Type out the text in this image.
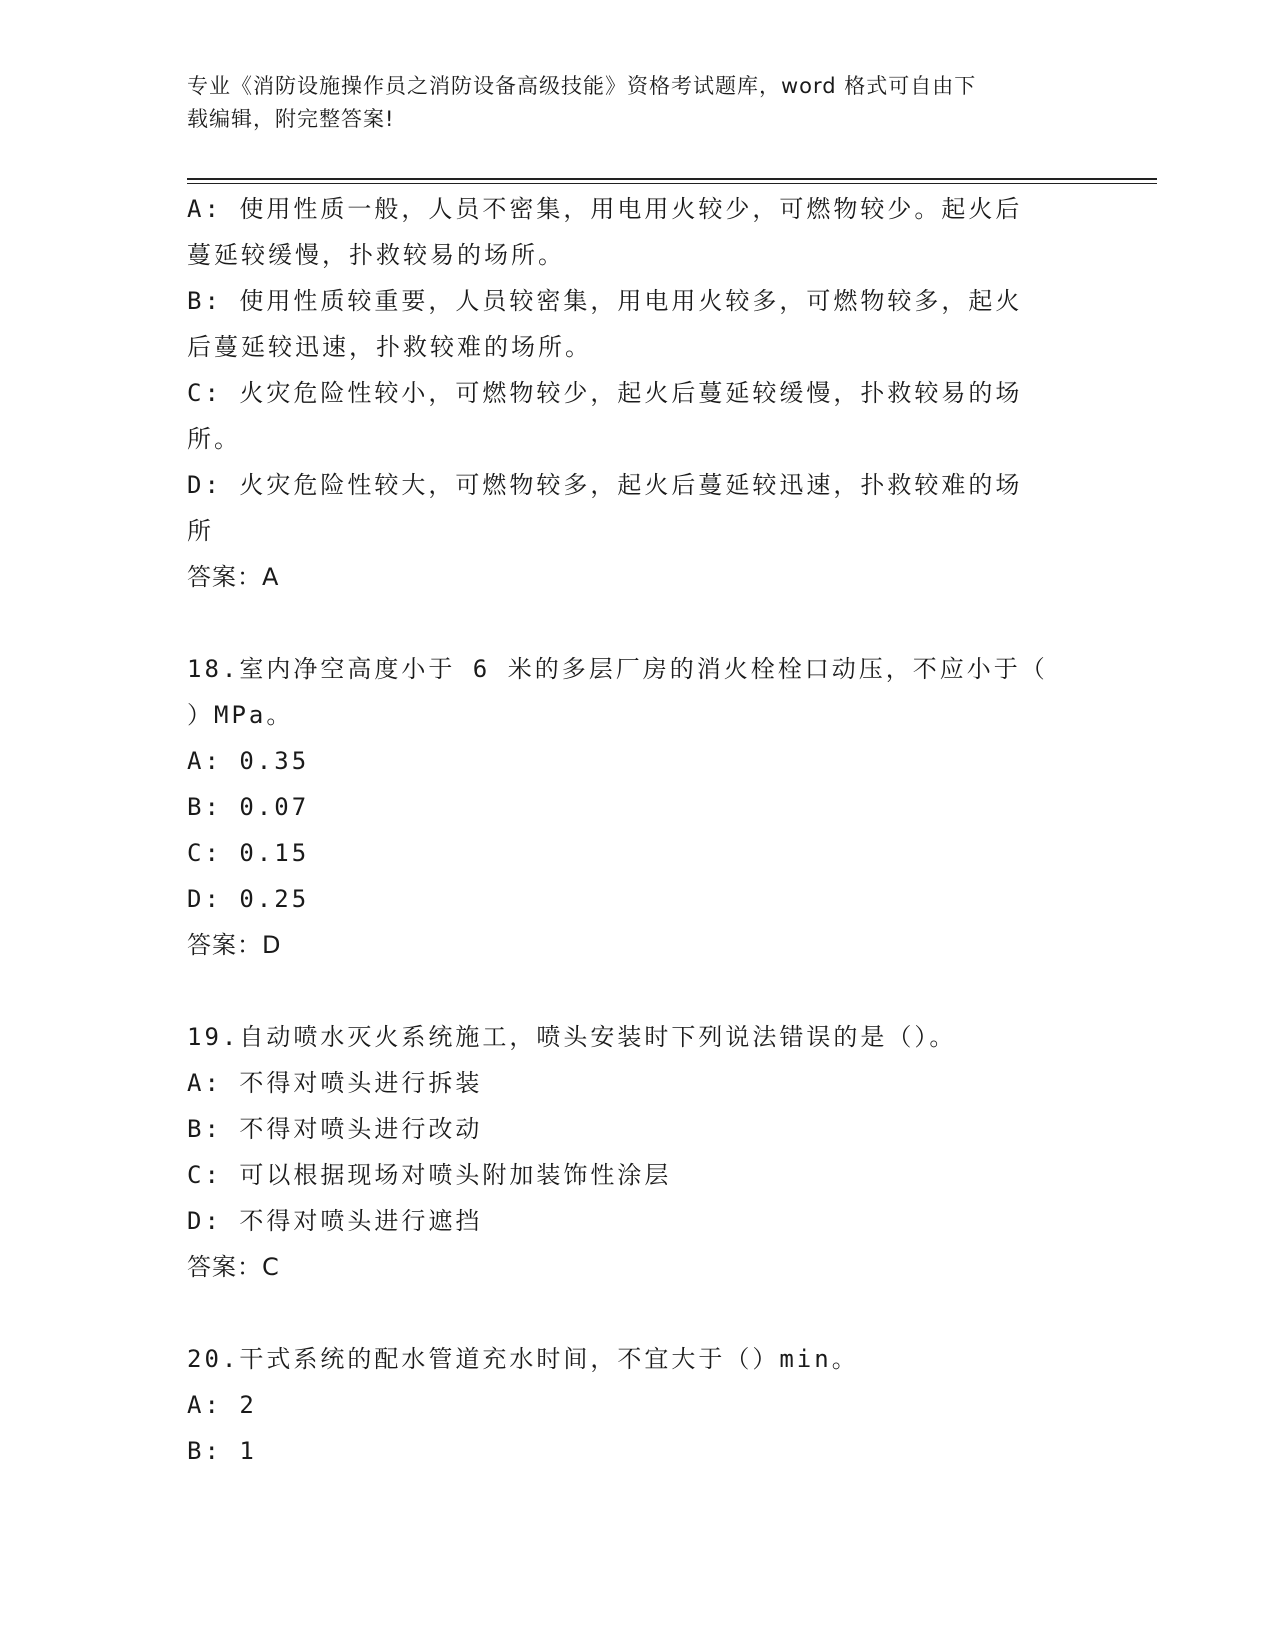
专业《消防设施操作员之消防设备高级技能》资格考试题库，word 格式可自由下
载编辑，附完整答案!
A: 使用性质一般，人员不密集，用电用火较少，可燃物较少。起火后
蔓延较缓慢，扑救较易的场所。
B: 使用性质较重要，人员较密集，用电用火较多，可燃物较多，起火
后蔓延较迅速，扑救较难的场所。
C: 火灾危险性较小，可燃物较少，起火后蔓延较缓慢，扑救较易的场
所。
D: 火灾危险性较大，可燃物较多，起火后蔓延较迅速，扑救较难的场
所
答案：A
18.室内净空高度小于 6 米的多层厂房的消火栓栓口动压，不应小于（
）MPa。
A: 0.35
B: 0.07
C: 0.15
D: 0.25
答案：D
19.自动喷水灭火系统施工，喷头安装时下列说法错误的是（）。
A: 不得对喷头进行拆装
B: 不得对喷头进行改动
C: 可以根据现场对喷头附加装饰性涂层
D: 不得对喷头进行遮挡
答案：C
20.干式系统的配水管道充水时间，不宜大于（）min。
A: 2
B: 1
